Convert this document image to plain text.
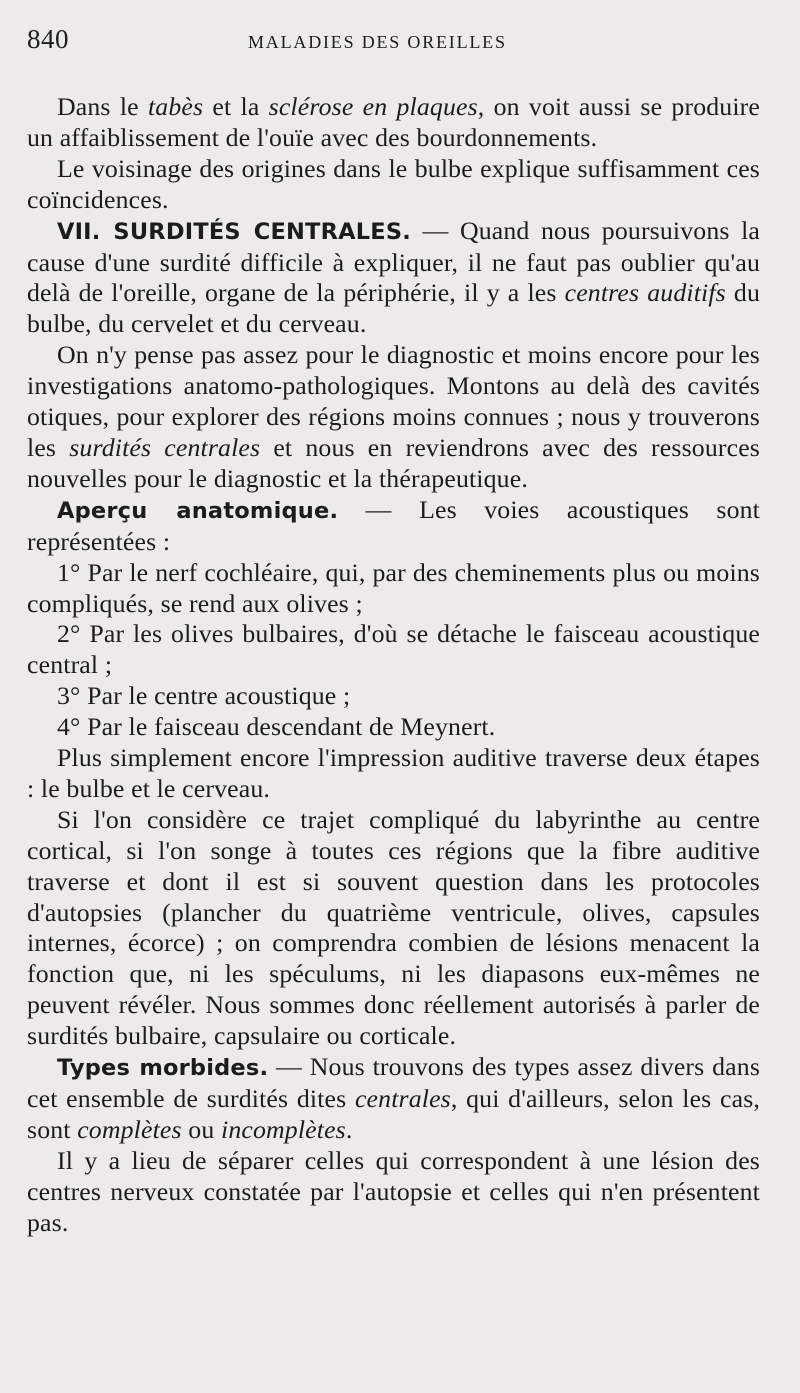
840	MALADIES DES OREILLES

Dans le tabès et la sclérose en plaques, on voit aussi se produire un affaiblissement de l'ouïe avec des bourdonnements.

Le voisinage des origines dans le bulbe explique suffisamment ces coïncidences.

VII. SURDITÉS CENTRALES. — Quand nous poursuivons la cause d'une surdité difficile à expliquer, il ne faut pas oublier qu'au delà de l'oreille, organe de la périphérie, il y a les centres auditifs du bulbe, du cervelet et du cerveau.

On n'y pense pas assez pour le diagnostic et moins encore pour les investigations anatomo-pathologiques. Montons au delà des cavités otiques, pour explorer des régions moins connues ; nous y trouverons les surdités centrales et nous en reviendrons avec des ressources nouvelles pour le diagnostic et la thérapeutique.

Aperçu anatomique. — Les voies acoustiques sont représentées :

1° Par le nerf cochléaire, qui, par des cheminements plus ou moins compliqués, se rend aux olives ;

2° Par les olives bulbaires, d'où se détache le faisceau acoustique central ;

3° Par le centre acoustique ;

4° Par le faisceau descendant de Meynert.

Plus simplement encore l'impression auditive traverse deux étapes : le bulbe et le cerveau.

Si l'on considère ce trajet compliqué du labyrinthe au centre cortical, si l'on songe à toutes ces régions que la fibre auditive traverse et dont il est si souvent question dans les protocoles d'autopsies (plancher du quatrième ventricule, olives, capsules internes, écorce) ; on comprendra combien de lésions menacent la fonction que, ni les spéculums, ni les diapasons eux-mêmes ne peuvent révéler. Nous sommes donc réellement autorisés à parler de surdités bulbaire, capsulaire ou corticale.

Types morbides. — Nous trouvons des types assez divers dans cet ensemble de surdités dites centrales, qui d'ailleurs, selon les cas, sont complètes ou incomplètes.

Il y a lieu de séparer celles qui correspondent à une lésion des centres nerveux constatée par l'autopsie et celles qui n'en présentent pas.
